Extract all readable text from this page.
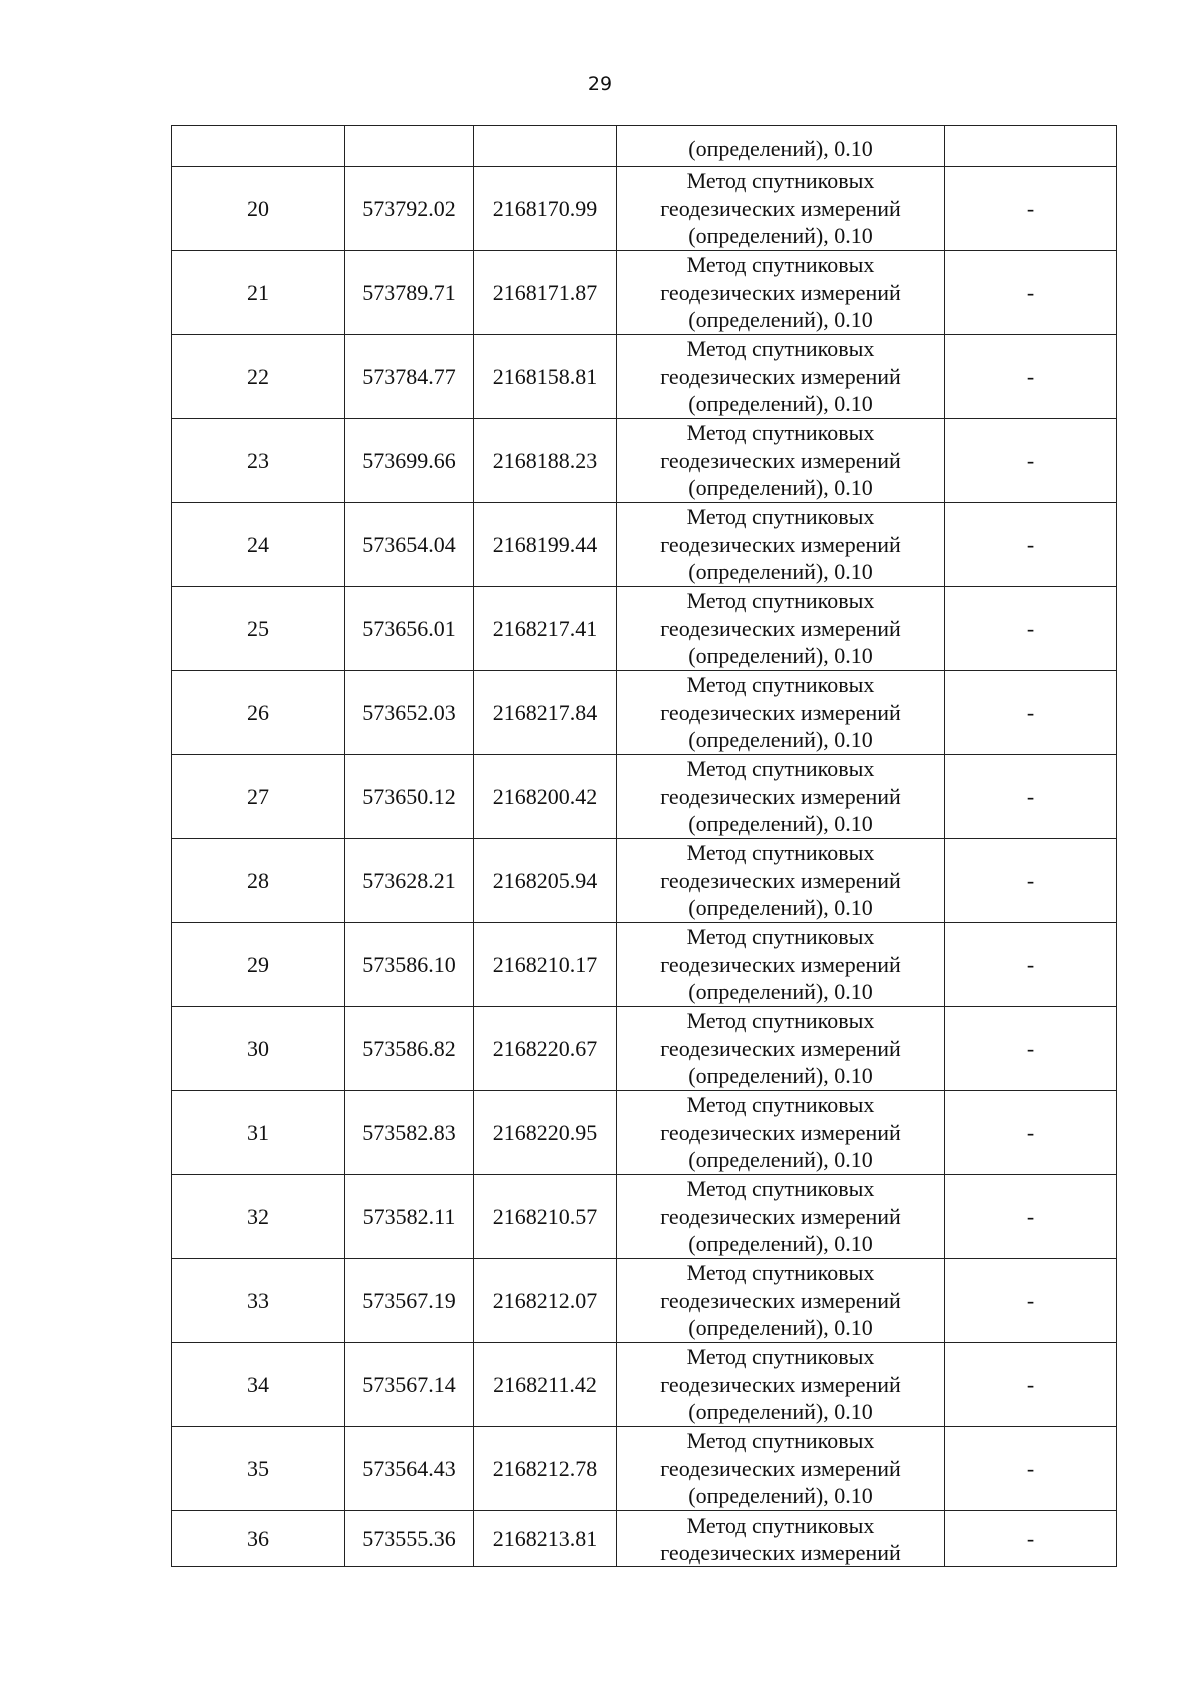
29
			(определений), 0.10	
20	573792.02	2168170.99	Метод спутниковых
геодезических измерений
(определений), 0.10	-
21	573789.71	2168171.87	Метод спутниковых
геодезических измерений
(определений), 0.10	-
22	573784.77	2168158.81	Метод спутниковых
геодезических измерений
(определений), 0.10	-
23	573699.66	2168188.23	Метод спутниковых
геодезических измерений
(определений), 0.10	-
24	573654.04	2168199.44	Метод спутниковых
геодезических измерений
(определений), 0.10	-
25	573656.01	2168217.41	Метод спутниковых
геодезических измерений
(определений), 0.10	-
26	573652.03	2168217.84	Метод спутниковых
геодезических измерений
(определений), 0.10	-
27	573650.12	2168200.42	Метод спутниковых
геодезических измерений
(определений), 0.10	-
28	573628.21	2168205.94	Метод спутниковых
геодезических измерений
(определений), 0.10	-
29	573586.10	2168210.17	Метод спутниковых
геодезических измерений
(определений), 0.10	-
30	573586.82	2168220.67	Метод спутниковых
геодезических измерений
(определений), 0.10	-
31	573582.83	2168220.95	Метод спутниковых
геодезических измерений
(определений), 0.10	-
32	573582.11	2168210.57	Метод спутниковых
геодезических измерений
(определений), 0.10	-
33	573567.19	2168212.07	Метод спутниковых
геодезических измерений
(определений), 0.10	-
34	573567.14	2168211.42	Метод спутниковых
геодезических измерений
(определений), 0.10	-
35	573564.43	2168212.78	Метод спутниковых
геодезических измерений
(определений), 0.10	-
36	573555.36	2168213.81	Метод спутниковых
геодезических измерений	-
